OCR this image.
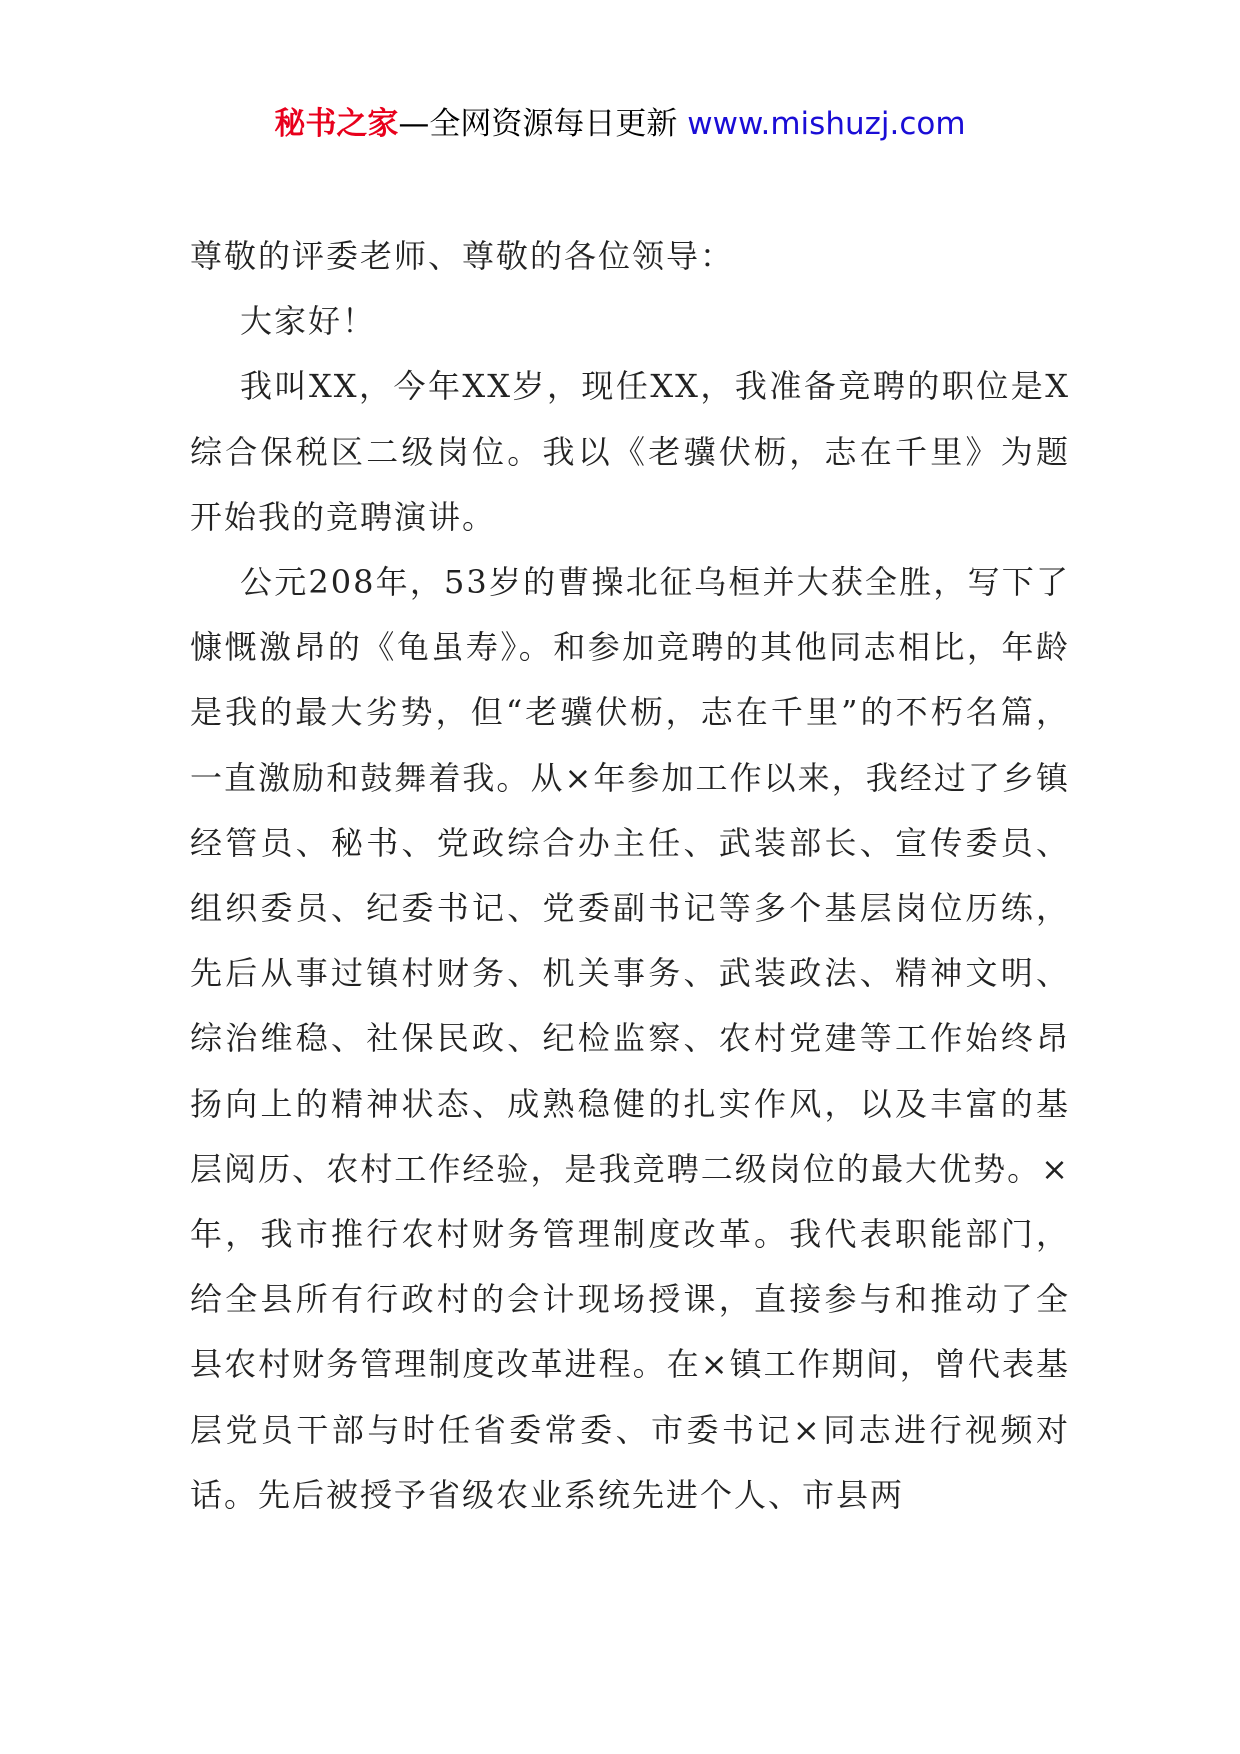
秘书之家—全网资源每日更新 www.mishuzj.com

尊敬的评委老师、尊敬的各位领导：

大家好！

我叫XX，今年XX岁，现任XX，我准备竞聘的职位是X综合保税区二级岗位。我以《老骥伏枥，志在千里》为题开始我的竞聘演讲。

公元208年，53岁的曹操北征乌桓并大获全胜，写下了慷慨激昂的《龟虽寿》。和参加竞聘的其他同志相比，年龄是我的最大劣势，但“老骥伏枥，志在千里”的不朽名篇，一直激励和鼓舞着我。从×年参加工作以来，我经过了乡镇经管员、秘书、党政综合办主任、武装部长、宣传委员、组织委员、纪委书记、党委副书记等多个基层岗位历练，先后从事过镇村财务、机关事务、武装政法、精神文明、综治维稳、社保民政、纪检监察、农村党建等工作始终昂扬向上的精神状态、成熟稳健的扎实作风，以及丰富的基层阅历、农村工作经验，是我竞聘二级岗位的最大优势。×年，我市推行农村财务管理制度改革。我代表职能部门，给全县所有行政村的会计现场授课，直接参与和推动了全县农村财务管理制度改革进程。在×镇工作期间，曾代表基层党员干部与时任省委常委、市委书记×同志进行视频对话。先后被授予省级农业系统先进个人、市县两
